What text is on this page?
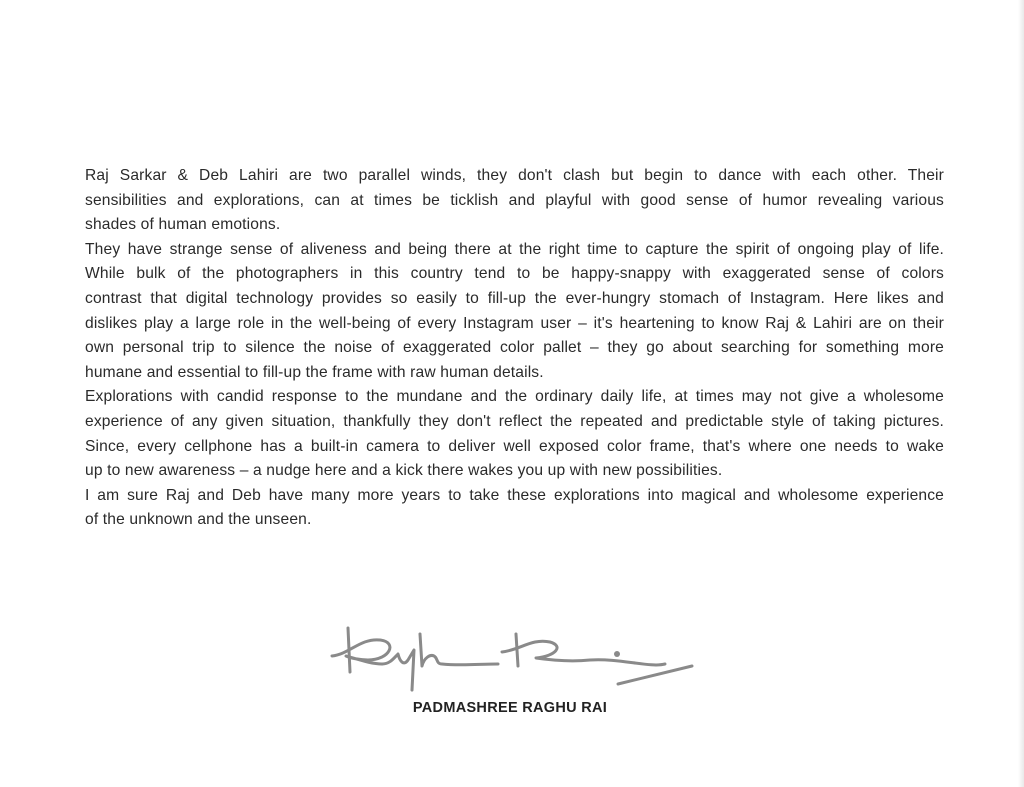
Raj Sarkar & Deb Lahiri are two parallel winds, they don't clash but begin to dance with each other. Their
sensibilities and explorations, can at times be ticklish and playful with good sense of humor revealing various
shades of human emotions.
They have strange sense of aliveness and being there at the right time to capture the spirit of ongoing play of life.
While bulk of the photographers in this country tend to be happy-snappy with exaggerated sense of colors
contrast that digital technology provides so easily to fill-up the ever-hungry stomach of Instagram. Here likes and
dislikes play a large role in the well-being of every Instagram user – it's heartening to know Raj & Lahiri are on their
own personal trip to silence the noise of exaggerated color pallet – they go about searching for something more
humane and essential to fill-up the frame with raw human details.
Explorations with candid response to the mundane and the ordinary daily life, at times may not give a wholesome
experience of any given situation, thankfully they don't reflect the repeated and predictable style of taking pictures.
Since, every cellphone has a built-in camera to deliver well exposed color frame, that's where one needs to wake
up to new awareness – a nudge here and a kick there wakes you up with new possibilities.
I am sure Raj and Deb have many more years to take these explorations into magical and wholesome experience
of the unknown and the unseen.
PADMASHREE RAGHU RAI
